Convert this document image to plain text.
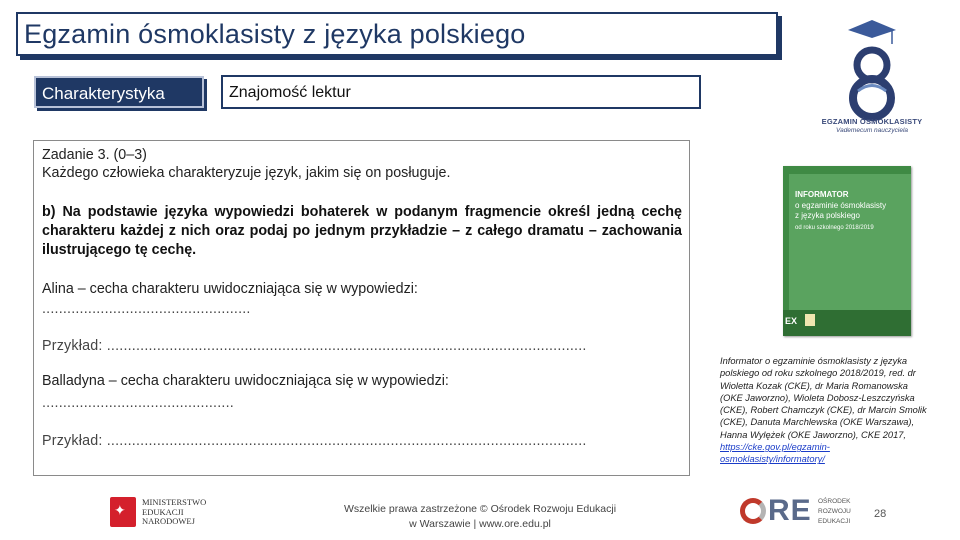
Egzamin ósmoklasisty z języka polskiego
Charakterystyka	Znajomość lektur
Zadanie 3. (0–3)
Każdego człowieka charakteryzuje język, jakim się on posługuje.
b) Na podstawie języka wypowiedzi bohaterek w podanym fragmencie określ jedną cechę charakteru każdej z nich oraz podaj po jednym przykładzie – z całego dramatu – zachowania ilustrującego tę cechę.
Alina – cecha charakteru uwidoczniająca się w wypowiedzi:
..................................................
Przykład: ...................................................................................................................
Balladyna – cecha charakteru uwidoczniająca się w wypowiedzi:
..............................................
Przykład: ...................................................................................................................
EGZAMIN ÓSMOKLASISTY
Vademecum nauczyciela
INFORMATOR
o egzaminie ósmoklasisty
z języka polskiego
od roku szkolnego 2018/2019
EX
Informator o egzaminie ósmoklasisty z języka polskiego od roku szkolnego 2018/2019, red. dr Wioletta Kozak (CKE), dr Maria Romanowska (OKE Jaworzno), Wioleta Dobosz-Leszczyńska (CKE), Robert Chamczyk (CKE), dr Marcin Smolik (CKE), Danuta Marchlewska (OKE Warszawa), Hanna Wylężek (OKE Jaworzno), CKE 2017, https://cke.gov.pl/egzamin-osmoklasisty/informatory/
✦ MINISTERSTWO
EDUKACJI
NARODOWEJ
Wszelkie prawa zastrzeżone © Ośrodek Rozwoju Edukacji
w Warszawie | www.ore.edu.pl	RE OŚRODEK
ROZWOJU
EDUKACJI
28
